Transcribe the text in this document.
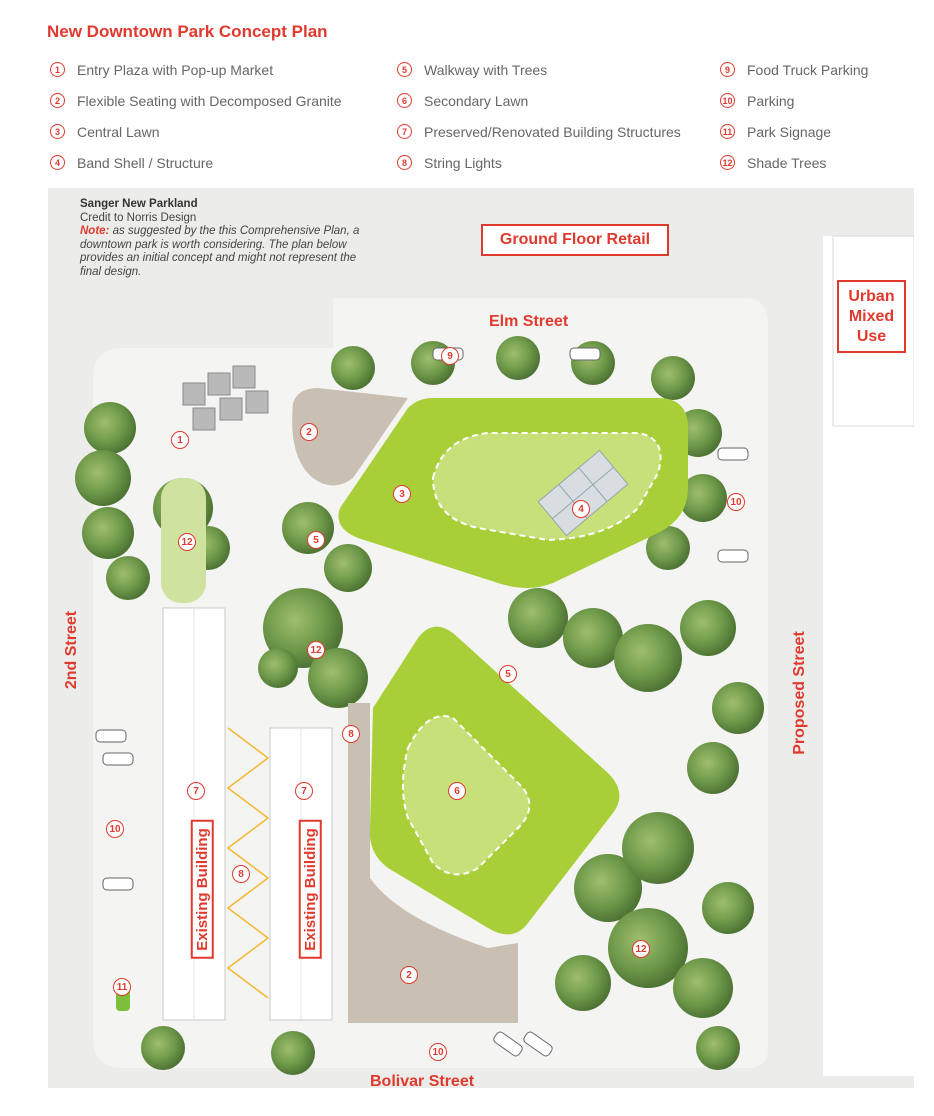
New Downtown Park Concept Plan
1	Entry Plaza with Pop-up Market
2	Flexible Seating with Decomposed Granite
3	Central Lawn
4	Band Shell / Structure
5	Walkway with Trees
6	Secondary Lawn
7	Preserved/Renovated Building Structures
8	String Lights
9	Food Truck Parking
10 Parking
11 Park Signage
12 Shade Trees
Sanger New Parkland
Credit to Norris Design
Note: as suggested by the this Comprehensive Plan, a downtown park is worth considering. The plan below provides an initial concept and might not represent the final design.
Ground Floor Retail
Urban Mixed Use
Elm Street
Bolivar Street
2nd Street	Proposed Street
Existing Building	Existing Building
1
2
2
3
4
5
5
6
7	7
8
8
9
10
10
10
11
12
12
12
